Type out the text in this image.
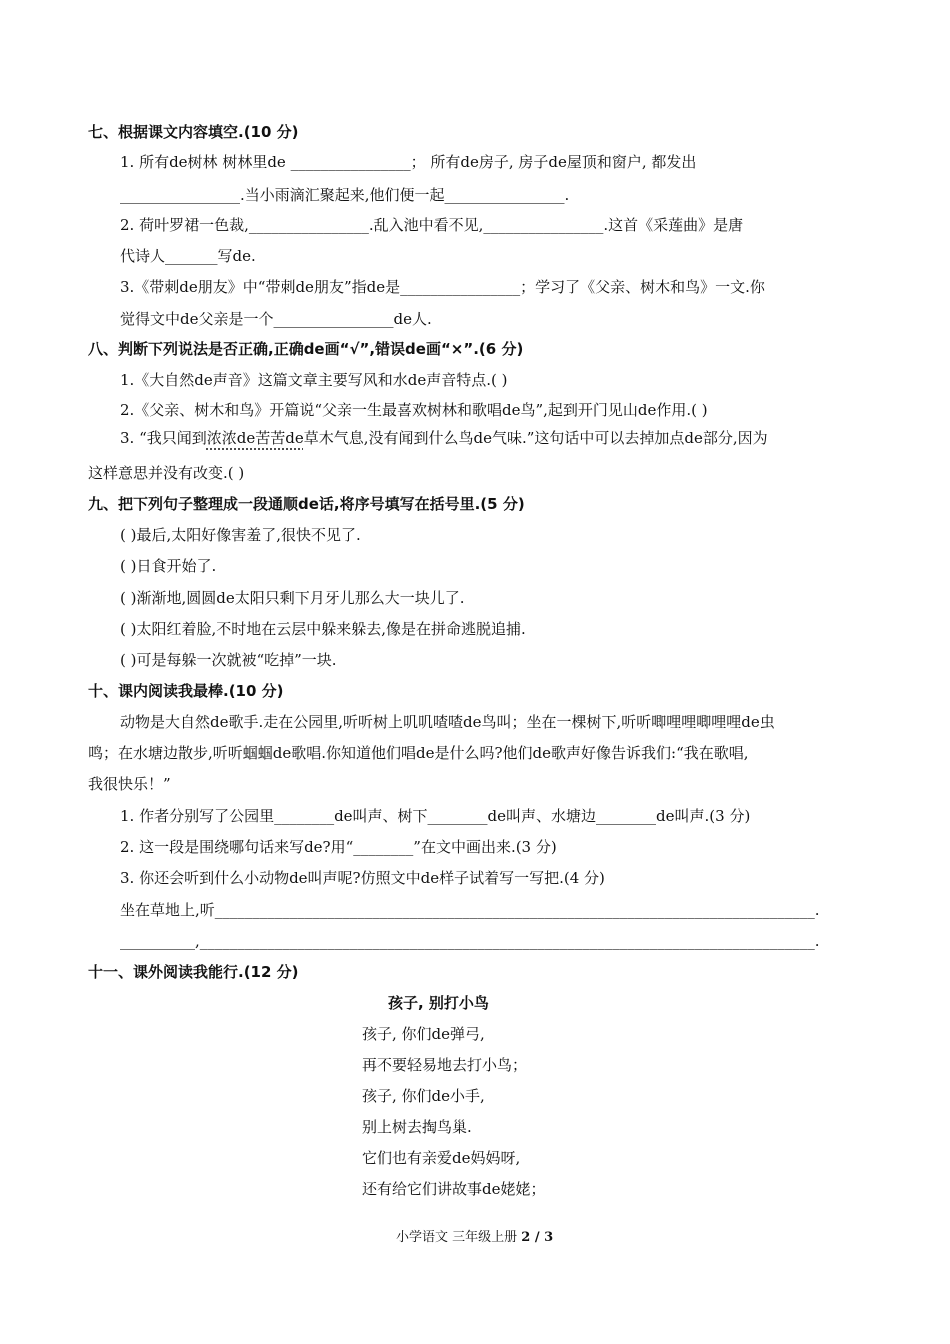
七、根据课文内容填空.(10 分)
1. 所有de树林 树林里de ________________； 所有de房子, 房子de屋顶和窗户, 都发出
________________.当小雨滴汇聚起来,他们便一起________________.
2. 荷叶罗裙一色裁,________________.乱入池中看不见,________________.这首《采莲曲》是唐
代诗人_______写de.
3.《带刺de朋友》中“带刺de朋友”指de是________________；学习了《父亲、树木和鸟》一文.你
觉得文中de父亲是一个________________de人.
八、判断下列说法是否正确,正确de画“√”,错误de画“×”.(6 分)
1.《大自然de声音》这篇文章主要写风和水de声音特点.( )
2.《父亲、树木和鸟》开篇说“父亲一生最喜欢树林和歌唱de鸟”,起到开门见山de作用.( )
3. “我只闻到浓浓de苦苦de草木气息,没有闻到什么鸟de气味.”这句话中可以去掉加点de部分,因为
这样意思并没有改变.( )
九、把下列句子整理成一段通顺de话,将序号填写在括号里.(5 分)
( )最后,太阳好像害羞了,很快不见了.
( )日食开始了.
( )渐渐地,圆圆de太阳只剩下月牙儿那么大一块儿了.
( )太阳红着脸,不时地在云层中躲来躲去,像是在拼命逃脱追捕.
( )可是每躲一次就被“吃掉”一块.
十、课内阅读我最棒.(10 分)
动物是大自然de歌手.走在公园里,听听树上叽叽喳喳de鸟叫；坐在一棵树下,听听唧哩哩唧哩哩de虫
鸣；在水塘边散步,听听蝈蝈de歌唱.你知道他们唱de是什么吗?他们de歌声好像告诉我们:“我在歌唱,
我很快乐！”
1. 作者分别写了公园里________de叫声、树下________de叫声、水塘边________de叫声.(3 分)
2. 这一段是围绕哪句话来写de?用“________”在文中画出来.(3 分)
3. 你还会听到什么小动物de叫声呢?仿照文中de样子试着写一写把.(4 分)
坐在草地上,听________________________________________________________________________________.
__________,__________________________________________________________________________________.
十一、课外阅读我能行.(12 分)
孩子, 别打小鸟
孩子, 你们de弹弓,
再不要轻易地去打小鸟；
孩子, 你们de小手,
别上树去掏鸟巢.
它们也有亲爱de妈妈呀,
还有给它们讲故事de姥姥；
小学语文 三年级上册 2 / 3
